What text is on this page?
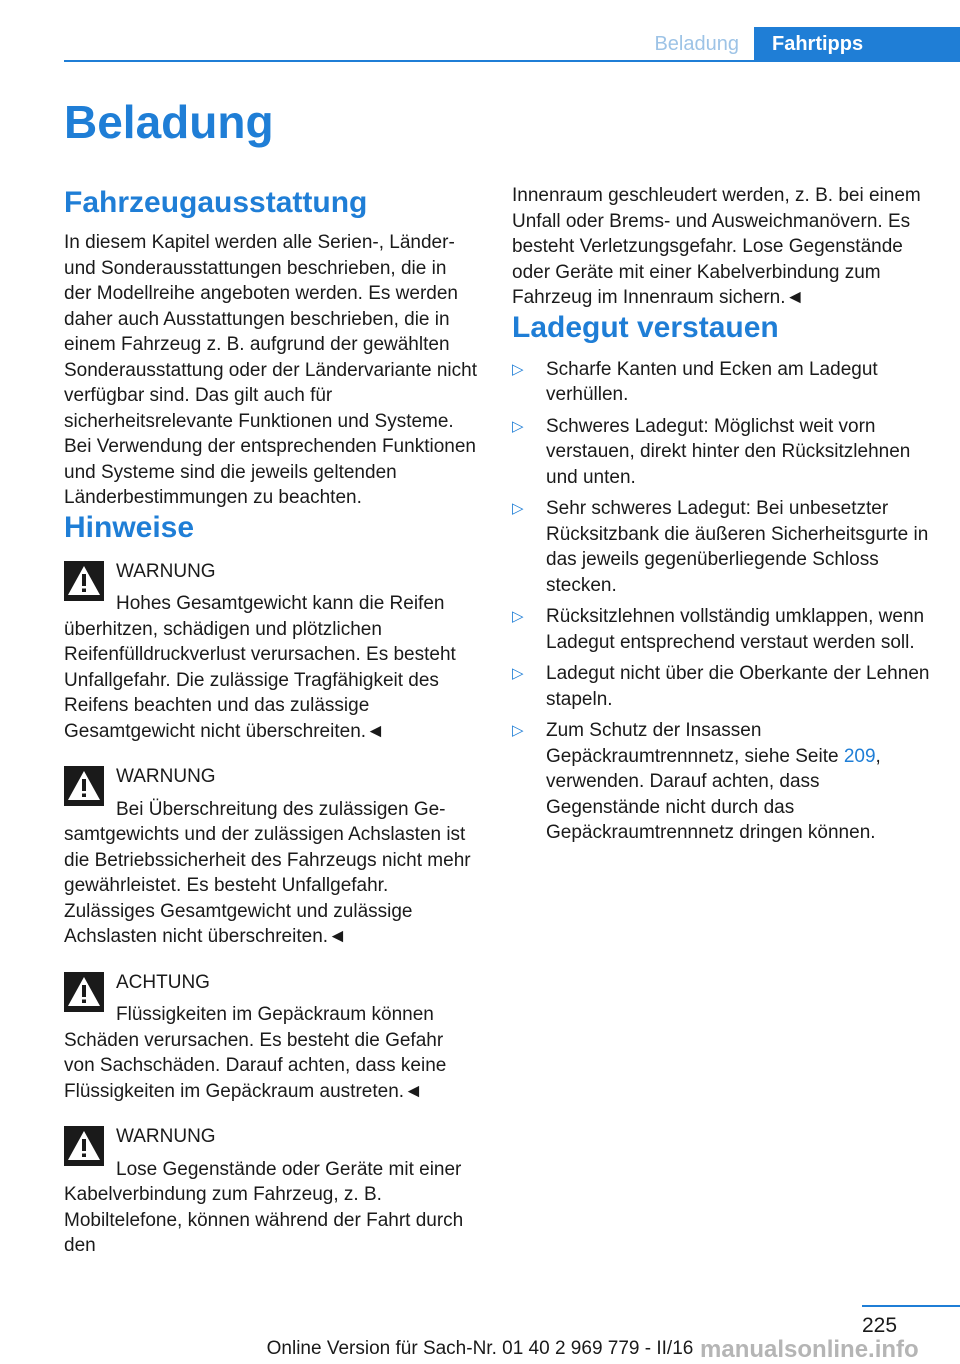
Beladung	Fahrtipps
Beladung
Fahrzeugausstattung

In diesem Kapitel werden alle Serien-, Länder- und Sonderausstattungen beschrieben, die in der Modellreihe angeboten werden. Es werden daher auch Ausstattungen beschrieben, die in einem Fahrzeug z. B. aufgrund der gewählten Sonderausstattung oder der Ländervariante nicht verfügbar sind. Das gilt auch für sicherheitsrelevante Funktionen und Systeme. Bei Verwendung der entsprechenden Funktionen und Systeme sind die jeweils geltenden Länderbestimmungen zu beachten.

Hinweise
WARNUNG
Hohes Gesamtgewicht kann die Reifen

überhitzen, schädigen und plötzlichen Reifenfülldruckverlust verursachen. Es besteht Unfallgefahr. Die zulässige Tragfähigkeit des Reifens beachten und das zulässige Gesamtgewicht nicht überschreiten.◄

WARNUNG
Bei Überschreitung des zulässigen Ge-

samtgewichts und der zulässigen Achslasten ist die Betriebssicherheit des Fahrzeugs nicht mehr gewährleistet. Es besteht Unfallgefahr. Zulässiges Gesamtgewicht und zulässige Achslasten nicht überschreiten.◄

ACHTUNG
Flüssigkeiten im Gepäckraum können

Schäden verursachen. Es besteht die Gefahr von Sachschäden. Darauf achten, dass keine Flüssigkeiten im Gepäckraum austreten.◄

WARNUNG
Lose Gegenstände oder Geräte mit einer

Kabelverbindung zum Fahrzeug, z. B. Mobiltelefone, können während der Fahrt durch den

Innenraum geschleudert werden, z. B. bei einem Unfall oder Brems- und Ausweichmanövern. Es besteht Verletzungsgefahr. Lose Gegenstände oder Geräte mit einer Kabelverbindung zum Fahrzeug im Innenraum sichern.◄

Ladegut verstauen
▷	Scharfe Kanten und Ecken am Ladegut verhüllen.
▷	Schweres Ladegut: Möglichst weit vorn verstauen, direkt hinter den Rücksitzlehnen und unten.
▷	Sehr schweres Ladegut: Bei unbesetzter Rücksitzbank die äußeren Sicherheitsgurte in das jeweils gegenüberliegende Schloss stecken.
▷	Rücksitzlehnen vollständig umklappen, wenn Ladegut entsprechend verstaut werden soll.
▷	Ladegut nicht über die Oberkante der Lehnen stapeln.
▷	Zum Schutz der Insassen Gepäckraumtrennnetz, siehe Seite 209, verwenden. Darauf achten, dass Gegenstände nicht durch das Gepäckraumtrennnetz dringen können.
225
Online Version für Sach-Nr. 01 40 2 969 779 - II/16 manualsonline.info
